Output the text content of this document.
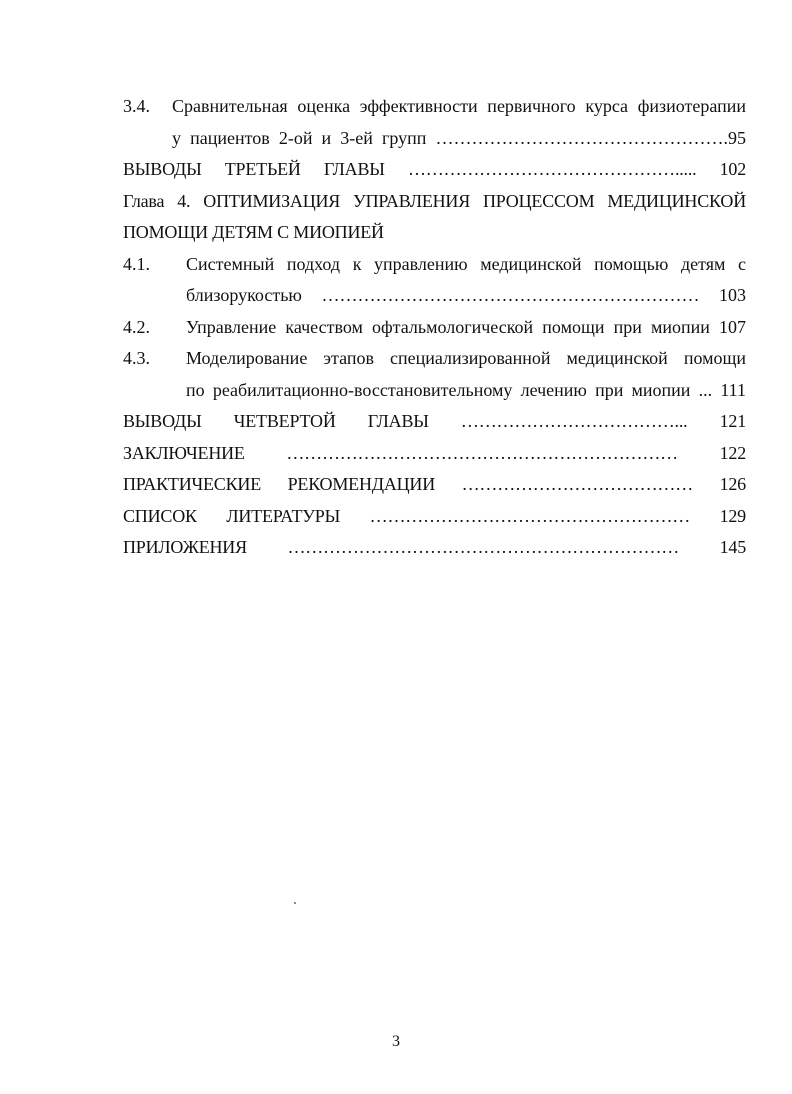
3.4. Сравнительная оценка эффективности первичного курса физиотерапии
у пациентов 2-ой и 3-ей групп ………………………………………….95
ВЫВОДЫ ТРЕТЬЕЙ ГЛАВЫ ………………………………………..... 102
Глава 4. ОПТИМИЗАЦИЯ УПРАВЛЕНИЯ ПРОЦЕССОМ МЕДИЦИНСКОЙ
ПОМОЩИ ДЕТЯМ С МИОПИЕЙ
4.1. Системный подход к управлению медицинской помощью детям с
близорукостью ……………………………………………………… 103
4.2. Управление качеством офтальмологической помощи при миопии 107
4.3. Моделирование этапов специализированной медицинской помощи
по реабилитационно-восстановительному лечению при миопии ... 111
ВЫВОДЫ ЧЕТВЕРТОЙ ГЛАВЫ ………………………………... 121
ЗАКЛЮЧЕНИЕ ………………………………………………………… 122
ПРАКТИЧЕСКИЕ РЕКОМЕНДАЦИИ ………………………………… 126
СПИСОК ЛИТЕРАТУРЫ ……………………………………………… 129
ПРИЛОЖЕНИЯ ………………………………………………………… 145
3
